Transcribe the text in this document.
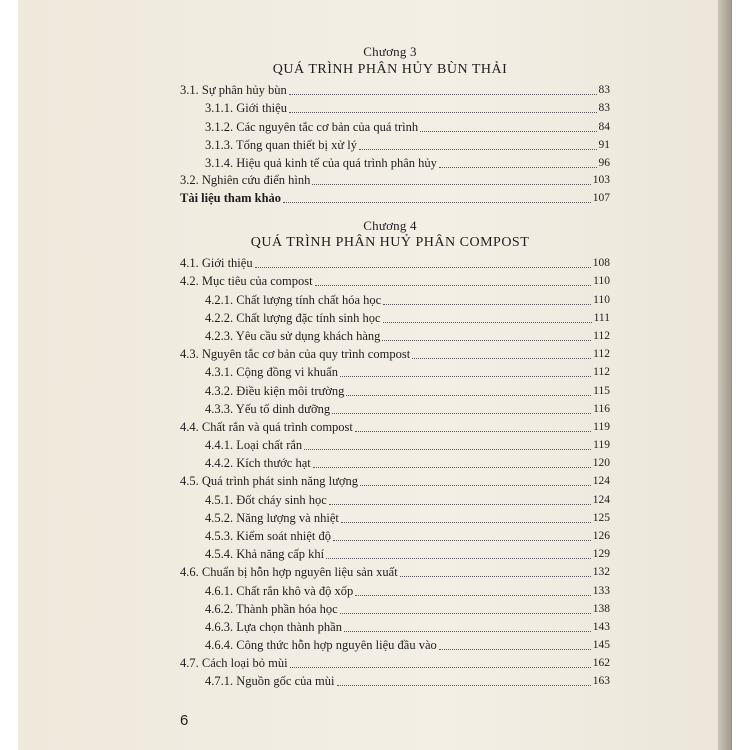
Chương 3
QUÁ TRÌNH PHÂN HỦY BÙN THẢI
3.1. Sự phân hủy bùn	83
3.1.1. Giới thiệu	83
3.1.2. Các nguyên tắc cơ bản của quá trình	84
3.1.3. Tổng quan thiết bị xử lý	91
3.1.4. Hiệu quả kinh tế của quá trình phân hủy	96
3.2. Nghiên cứu điển hình	103
Tài liệu tham khảo	107
Chương 4
QUÁ TRÌNH PHÂN HUỶ PHÂN COMPOST
4.1. Giới thiệu	108
4.2. Mục tiêu của compost	110
4.2.1. Chất lượng tính chất hóa học	110
4.2.2. Chất lượng đặc tính sinh học	111
4.2.3. Yêu cầu sử dụng khách hàng	112
4.3. Nguyên tắc cơ bản của quy trình compost	112
4.3.1. Cộng đồng vi khuẩn	112
4.3.2. Điều kiện môi trường	115
4.3.3. Yếu tố dinh dưỡng	116
4.4. Chất rắn và quá trình compost	119
4.4.1. Loại chất rắn	119
4.4.2. Kích thước hạt	120
4.5. Quá trình phát sinh năng lượng	124
4.5.1. Đốt cháy sinh học	124
4.5.2. Năng lượng và nhiệt	125
4.5.3. Kiểm soát nhiệt độ	126
4.5.4. Khả năng cấp khí	129
4.6. Chuẩn bị hỗn hợp nguyên liệu sản xuất	132
4.6.1. Chất rắn khô và độ xốp	133
4.6.2. Thành phần hóa học	138
4.6.3. Lựa chọn thành phần	143
4.6.4. Công thức hỗn hợp nguyên liệu đầu vào	145
4.7. Cách loại bỏ mùi	162
4.7.1. Nguồn gốc của mùi	163
6
